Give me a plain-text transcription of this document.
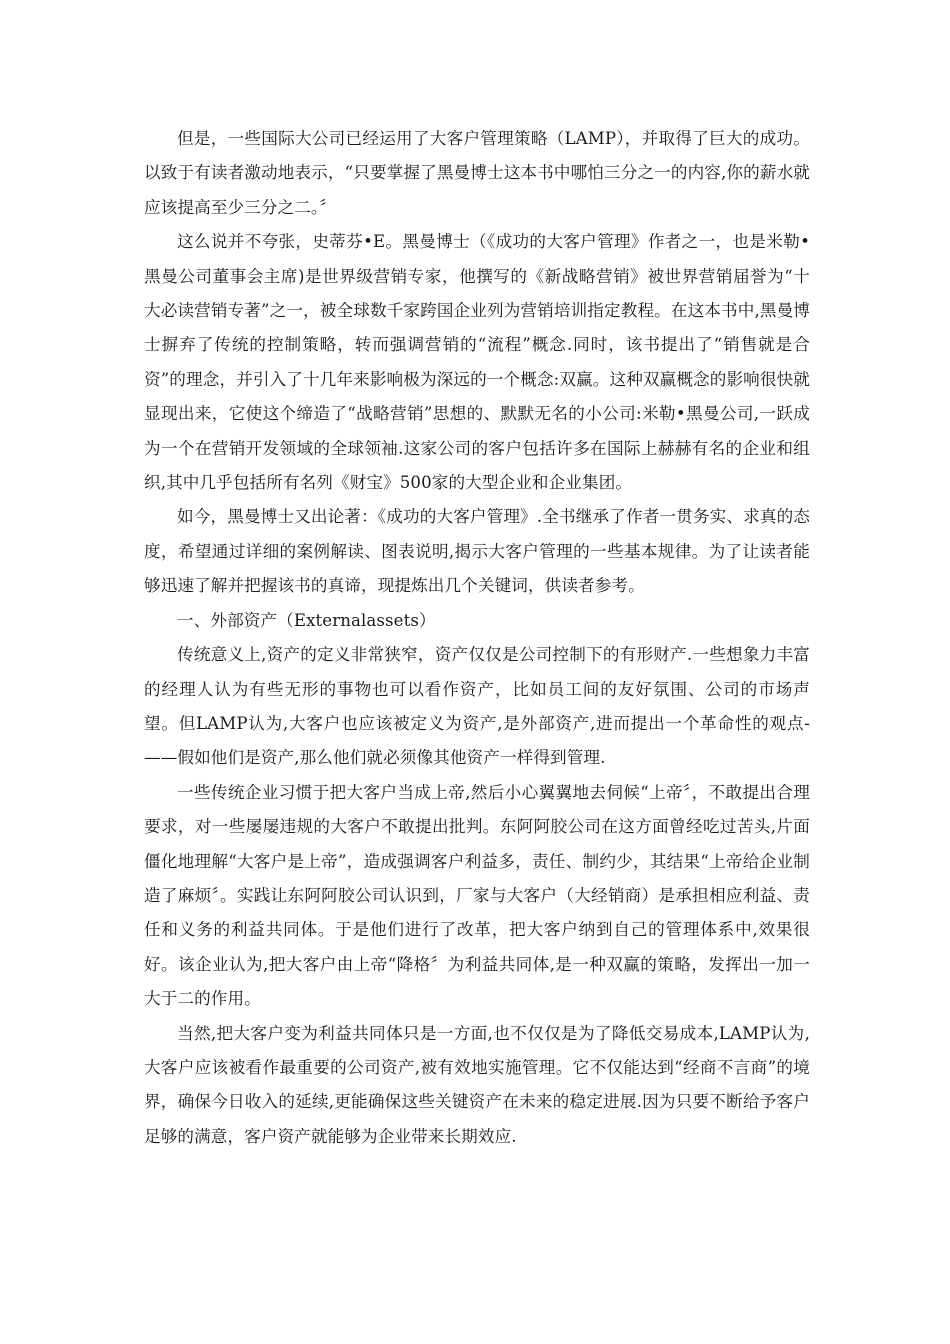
但是，一些国际大公司已经运用了大客户管理策略（LAMP），并取得了巨大的成功。以致于有读者激动地表示，“只要掌握了黑曼博士这本书中哪怕三分之一的内容,你的薪水就应该提高至少三分之二。〞

这么说并不夸张，史蒂芬•E。黑曼博士（《成功的大客户管理》作者之一，也是米勒•黑曼公司董事会主席)是世界级营销专家，他撰写的《新战略营销》被世界营销届誉为“十大必读营销专著”之一，被全球数千家跨国企业列为营销培训指定教程。在这本书中,黑曼博士摒弃了传统的控制策略，转而强调营销的“流程”概念.同时，该书提出了“销售就是合资”的理念，并引入了十几年来影响极为深远的一个概念:双赢。这种双赢概念的影响很快就显现出来，它使这个缔造了“战略营销”思想的、默默无名的小公司:米勒•黑曼公司,一跃成为一个在营销开发领域的全球领袖.这家公司的客户包括许多在国际上赫赫有名的企业和组织,其中几乎包括所有名列《财宝》500家的大型企业和企业集团。

如今，黑曼博士又出论著：《成功的大客户管理》.全书继承了作者一贯务实、求真的态度，希望通过详细的案例解读、图表说明,揭示大客户管理的一些基本规律。为了让读者能够迅速了解并把握该书的真谛，现提炼出几个关键词，供读者参考。

一、外部资产（Externalassets）

传统意义上,资产的定义非常狭窄，资产仅仅是公司控制下的有形财产.一些想象力丰富的经理人认为有些无形的事物也可以看作资产，比如员工间的友好氛围、公司的市场声望。但LAMP认为,大客户也应该被定义为资产,是外部资产,进而提出一个革命性的观点-——假如他们是资产,那么他们就必须像其他资产一样得到管理.

一些传统企业习惯于把大客户当成上帝,然后小心翼翼地去伺候“上帝〞，不敢提出合理要求，对一些屡屡违规的大客户不敢提出批判。东阿阿胶公司在这方面曾经吃过苦头,片面僵化地理解“大客户是上帝”，造成强调客户利益多，责任、制约少，其结果“上帝给企业制造了麻烦〞。实践让东阿阿胶公司认识到，厂家与大客户（大经销商）是承担相应利益、责任和义务的利益共同体。于是他们进行了改革，把大客户纳到自己的管理体系中,效果很好。该企业认为,把大客户由上帝“降格〞为利益共同体,是一种双赢的策略，发挥出一加一大于二的作用。

当然,把大客户变为利益共同体只是一方面,也不仅仅是为了降低交易成本,LAMP认为,大客户应该被看作最重要的公司资产,被有效地实施管理。它不仅能达到“经商不言商”的境界，确保今日收入的延续,更能确保这些关键资产在未来的稳定进展.因为只要不断给予客户足够的满意，客户资产就能够为企业带来长期效应.
